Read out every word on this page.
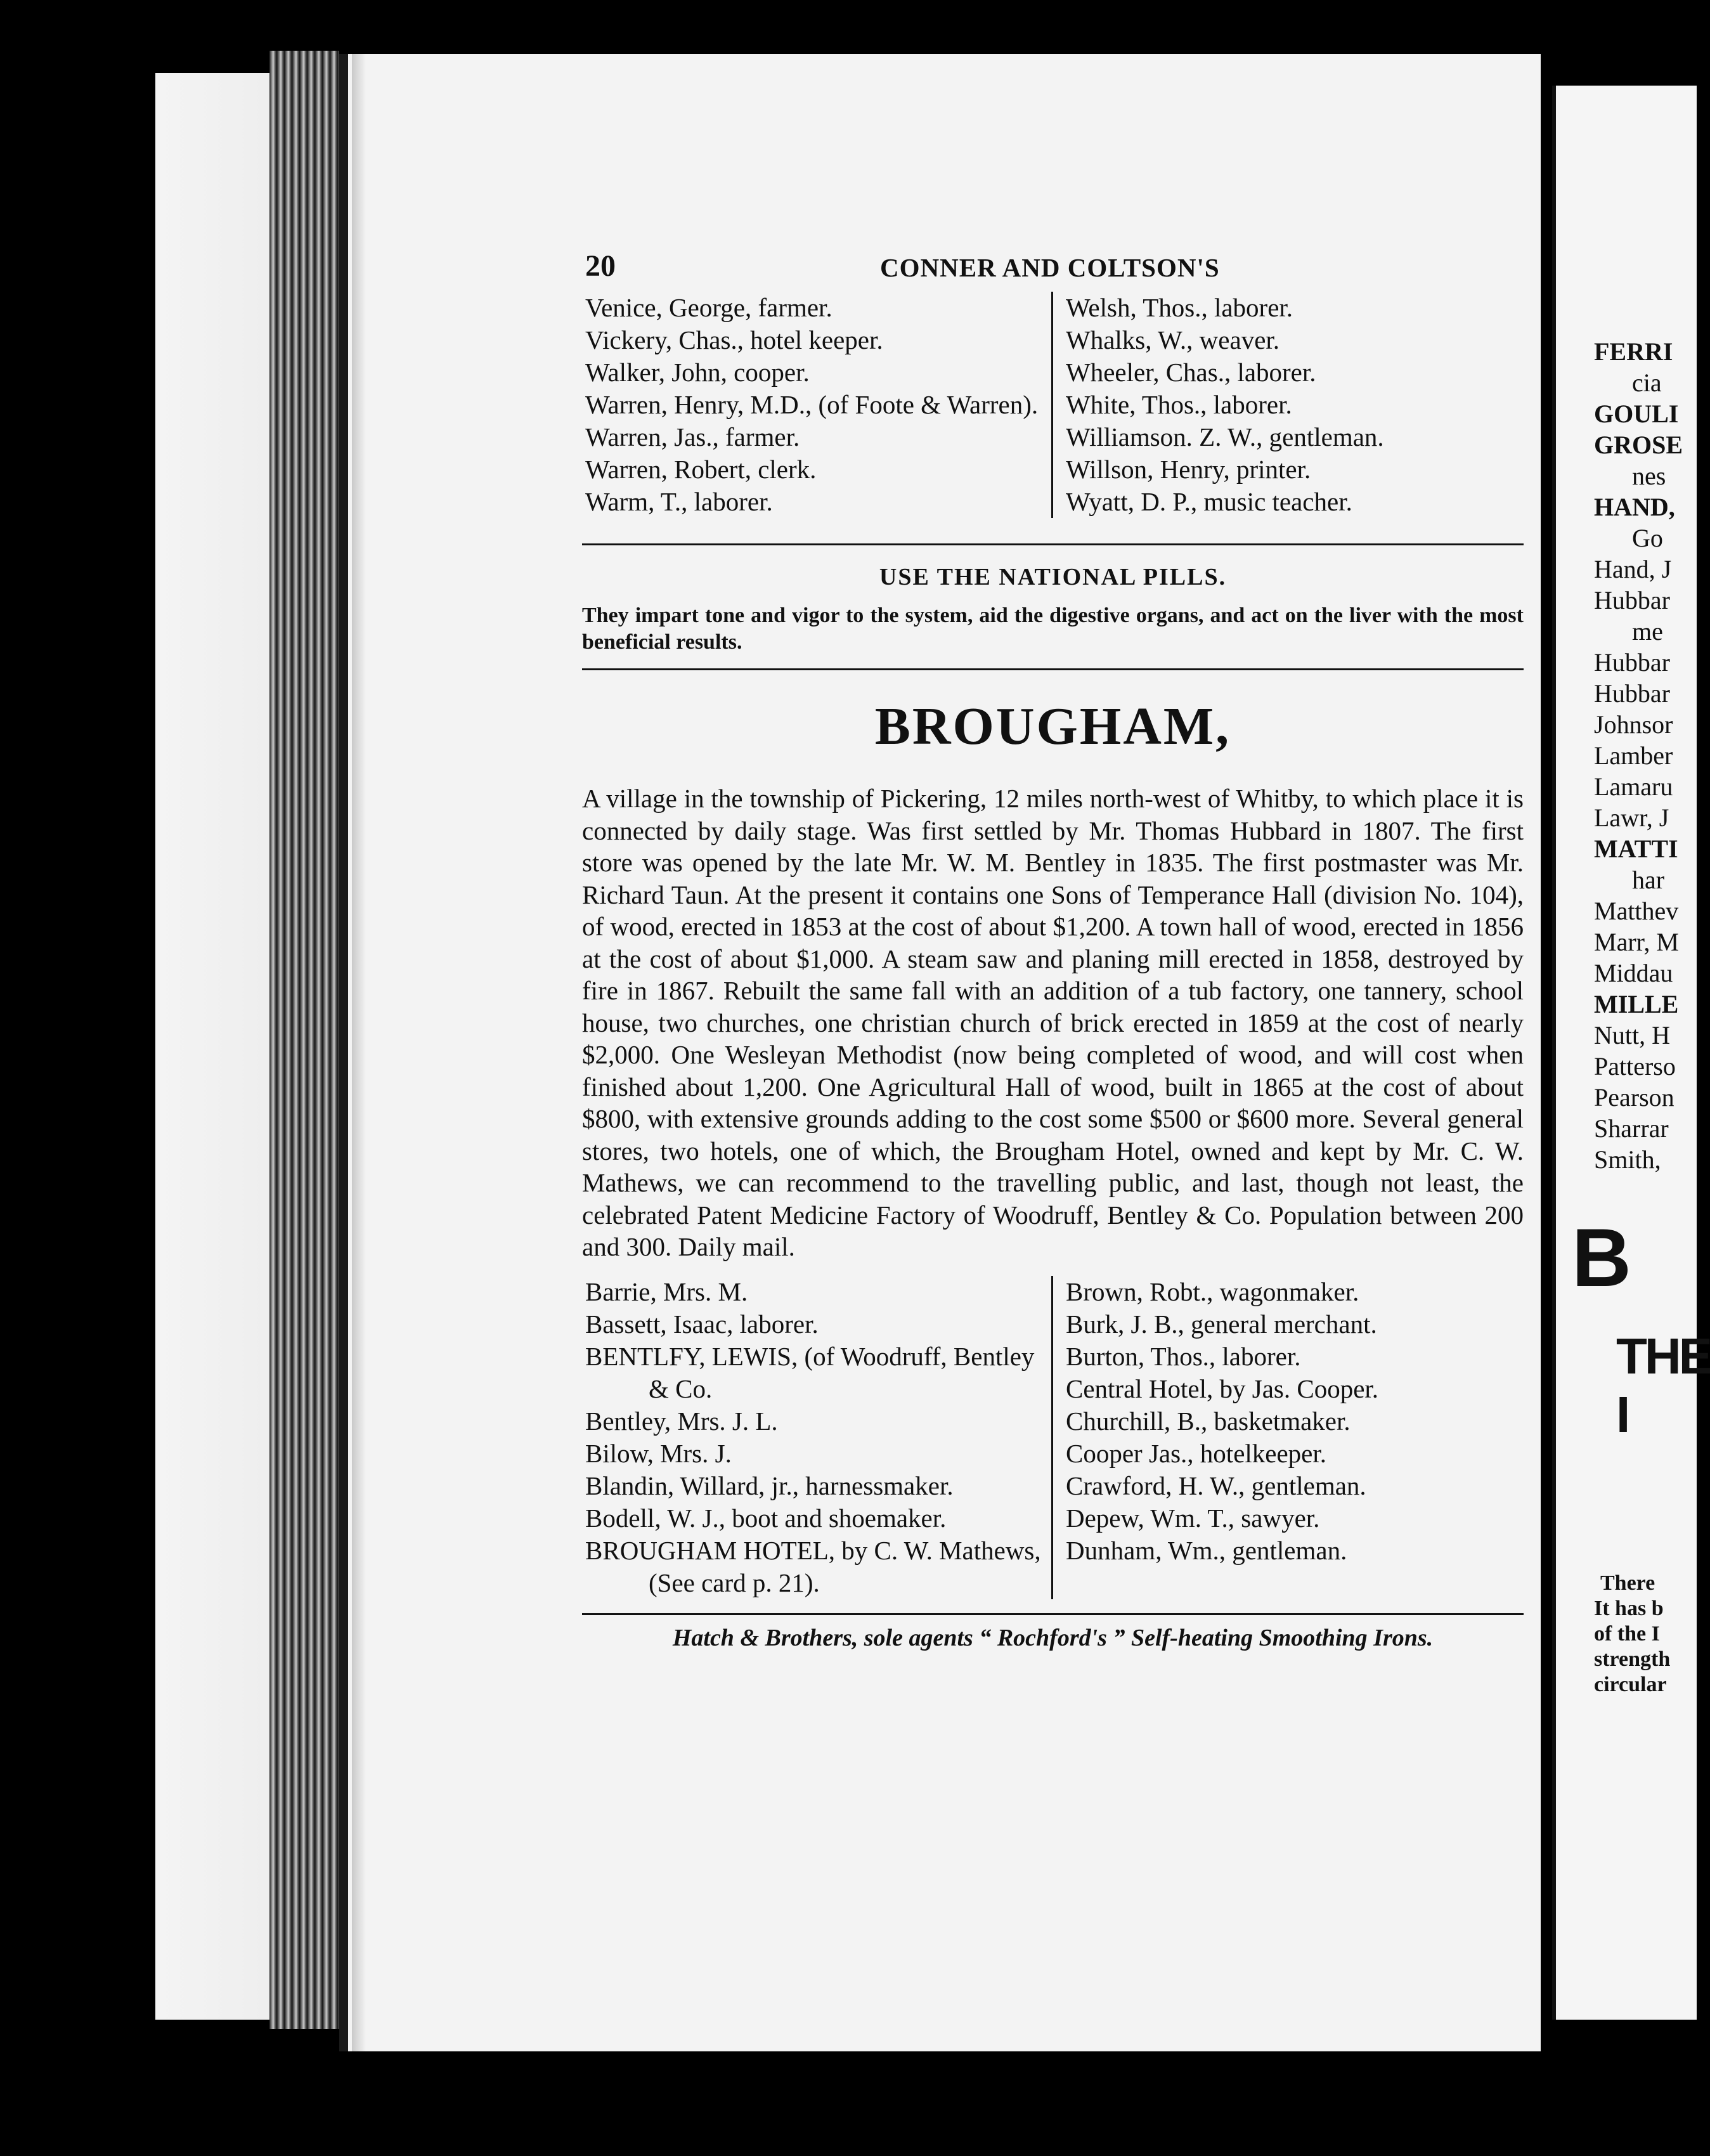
20	CONNER AND COLTSON'S

Venice, George, farmer.

Vickery, Chas., hotel keeper.

Walker, John, cooper.

Warren, Henry, M.D., (of Foote & Warren).

Warren, Jas., farmer.

Warren, Robert, clerk.

Warm, T., laborer.

Welsh, Thos., laborer.

Whalks, W., weaver.

Wheeler, Chas., laborer.

White, Thos., laborer.

Williamson. Z. W., gentleman.

Willson, Henry, printer.

Wyatt, D. P., music teacher.

USE THE NATIONAL PILLS.
They impart tone and vigor to the system, aid the digestive organs, and act on the liver with the most beneficial results.
BROUGHAM,

A village in the township of Pickering, 12 miles north-west of Whitby, to which place it is connected by daily stage. Was first settled by Mr. Thomas Hubbard in 1807. The first store was opened by the late Mr. W. M. Bentley in 1835. The first postmaster was Mr. Richard Taun. At the present it contains one Sons of Temperance Hall (division No. 104), of wood, erected in 1853 at the cost of about $1,200. A town hall of wood, erected in 1856 at the cost of about $1,000. A steam saw and planing mill erected in 1858, destroyed by fire in 1867. Rebuilt the same fall with an addition of a tub factory, one tannery, school house, two churches, one christian church of brick erected in 1859 at the cost of nearly $2,000. One Wesleyan Methodist (now being completed of wood, and will cost when finished about 1,200. One Agricultural Hall of wood, built in 1865 at the cost of about $800, with extensive grounds adding to the cost some $500 or $600 more. Several general stores, two hotels, one of which, the Brougham Hotel, owned and kept by Mr. C. W. Mathews, we can recommend to the travelling public, and last, though not least, the celebrated Patent Medicine Factory of Woodruff, Bentley & Co. Population between 200 and 300. Daily mail.

Barrie, Mrs. M.

Bassett, Isaac, laborer.

BENTLFY, LEWIS, (of Woodruff, Bentley & Co.

Bentley, Mrs. J. L.

Bilow, Mrs. J.

Blandin, Willard, jr., harnessmaker.

Bodell, W. J., boot and shoemaker.

BROUGHAM HOTEL, by C. W. Mathews, (See card p. 21).

Brown, Robt., wagonmaker.

Burk, J. B., general merchant.

Burton, Thos., laborer.

Central Hotel, by Jas. Cooper.

Churchill, B., basketmaker.

Cooper Jas., hotelkeeper.

Crawford, H. W., gentleman.

Depew, Wm. T., sawyer.

Dunham, Wm., gentleman.

Hatch & Brothers, sole agents “ Rochford's ” Self-heating Smoothing Irons.
FERRI
cia
GOULI
GROSE
nes
HAND,
Go
Hand, J
Hubbar
me
Hubbar
Hubbar
Johnsor
Lamber
Lamaru
Lawr, J
MATTI
har
Matthev
Marr, M
Middau
MILLE
Nutt, H
Patterso
Pearson
Sharrar
Smith,
B
THE I
There
It has b
of the I
strength
circular
